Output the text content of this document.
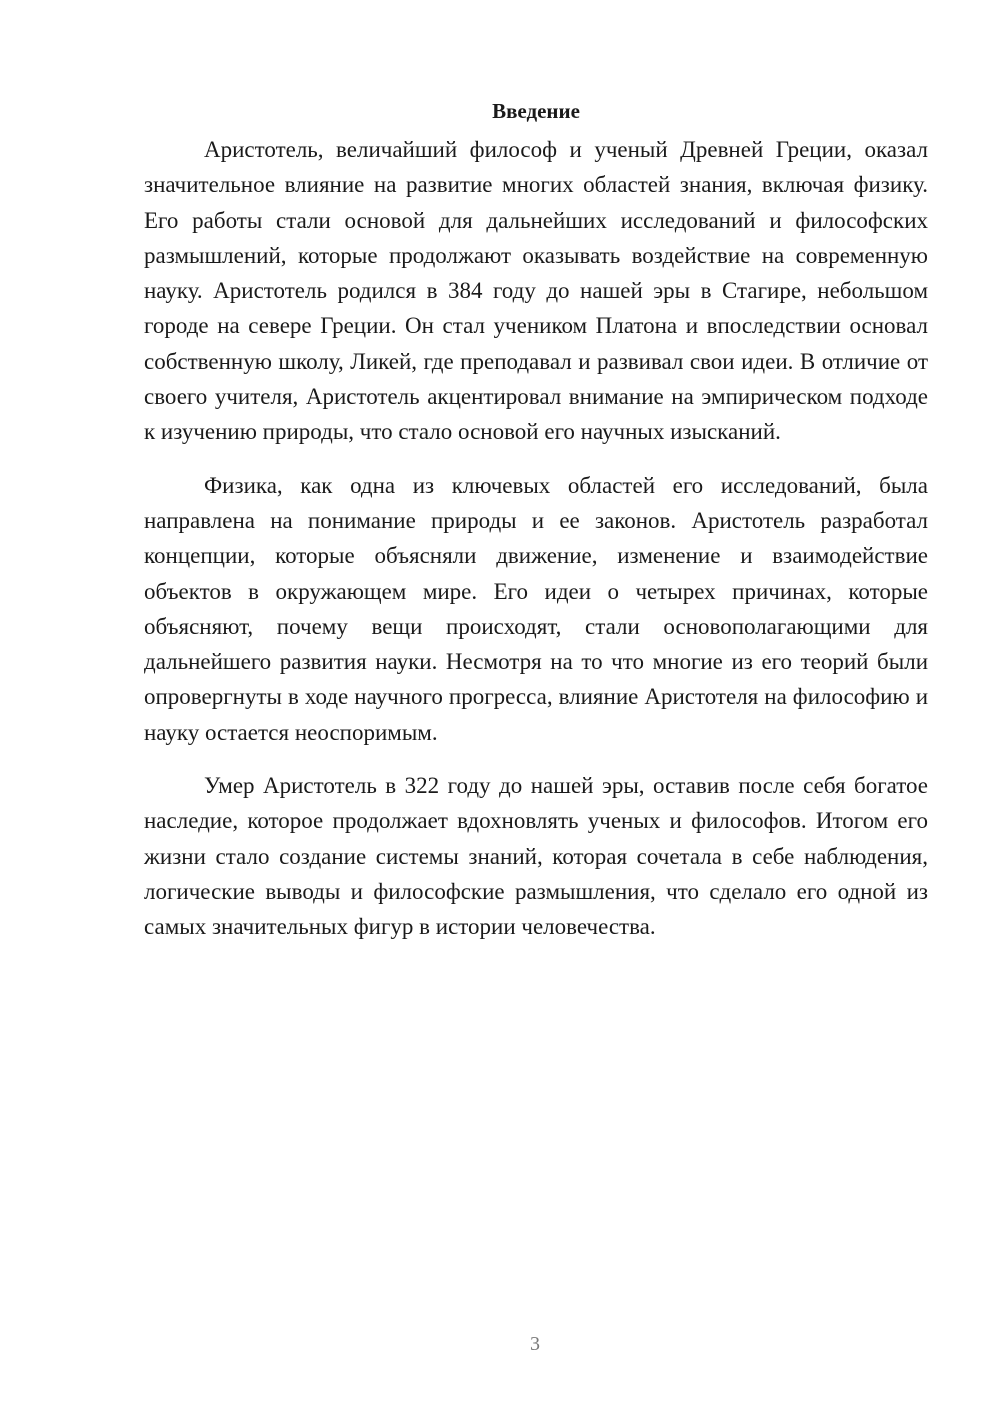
Введение

Аристотель, величайший философ и ученый Древней Греции, оказал значительное влияние на развитие многих областей знания, включая физику. Его работы стали основой для дальнейших исследований и философских размышлений, которые продолжают оказывать воздействие на современную науку. Аристотель родился в 384 году до нашей эры в Стагире, небольшом городе на севере Греции. Он стал учеником Платона и впоследствии основал собственную школу, Ликей, где преподавал и развивал свои идеи. В отличие от своего учителя, Аристотель акцентировал внимание на эмпирическом подходе к изучению природы, что стало основой его научных изысканий.

Физика, как одна из ключевых областей его исследований, была направлена на понимание природы и ее законов. Аристотель разработал концепции, которые объясняли движение, изменение и взаимодействие объектов в окружающем мире. Его идеи о четырех причинах, которые объясняют, почему вещи происходят, стали основополагающими для дальнейшего развития науки. Несмотря на то что многие из его теорий были опровергнуты в ходе научного прогресса, влияние Аристотеля на философию и науку остается неоспоримым.

Умер Аристотель в 322 году до нашей эры, оставив после себя богатое наследие, которое продолжает вдохновлять ученых и философов. Итогом его жизни стало создание системы знаний, которая сочетала в себе наблюдения, логические выводы и философские размышления, что сделало его одной из самых значительных фигур в истории человечества.

3
